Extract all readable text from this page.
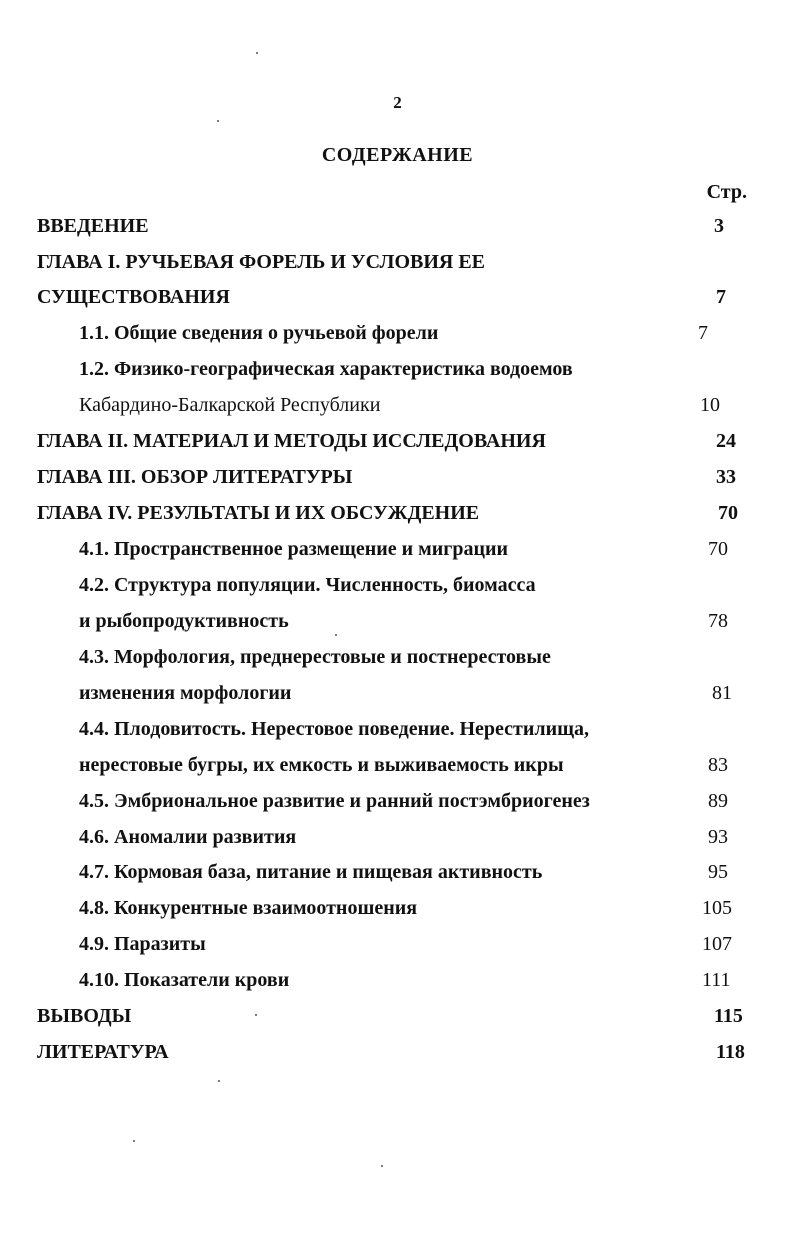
2
СОДЕРЖАНИЕ
Стр.
ВВЕДЕНИЕ	3
ГЛАВА I. РУЧЬЕВАЯ ФОРЕЛЬ И УСЛОВИЯ ЕЕ
СУЩЕСТВОВАНИЯ	7
1.1. Общие сведения о ручьевой форели	7
1.2. Физико-географическая характеристика водоемов
Кабардино-Балкарской Республики	10
ГЛАВА II. МАТЕРИАЛ И МЕТОДЫ ИССЛЕДОВАНИЯ	24
ГЛАВА III. ОБЗОР ЛИТЕРАТУРЫ	33
ГЛАВА IV. РЕЗУЛЬТАТЫ И ИХ ОБСУЖДЕНИЕ	70
4.1. Пространственное размещение и миграции	70
4.2. Структура популяции. Численность, биомасса
и рыбопродуктивность	78
4.3. Морфология, преднерестовые и постнерестовые
изменения морфологии	81
4.4. Плодовитость. Нерестовое поведение. Нерестилища,
нерестовые бугры, их емкость и выживаемость икры	83
4.5. Эмбриональное развитие и ранний постэмбриогенез	89
4.6. Аномалии развития	93
4.7. Кормовая база, питание и пищевая активность	95
4.8. Конкурентные взаимоотношения	105
4.9. Паразиты	107
4.10. Показатели крови	111
ВЫВОДЫ	115
ЛИТЕРАТУРА	118
